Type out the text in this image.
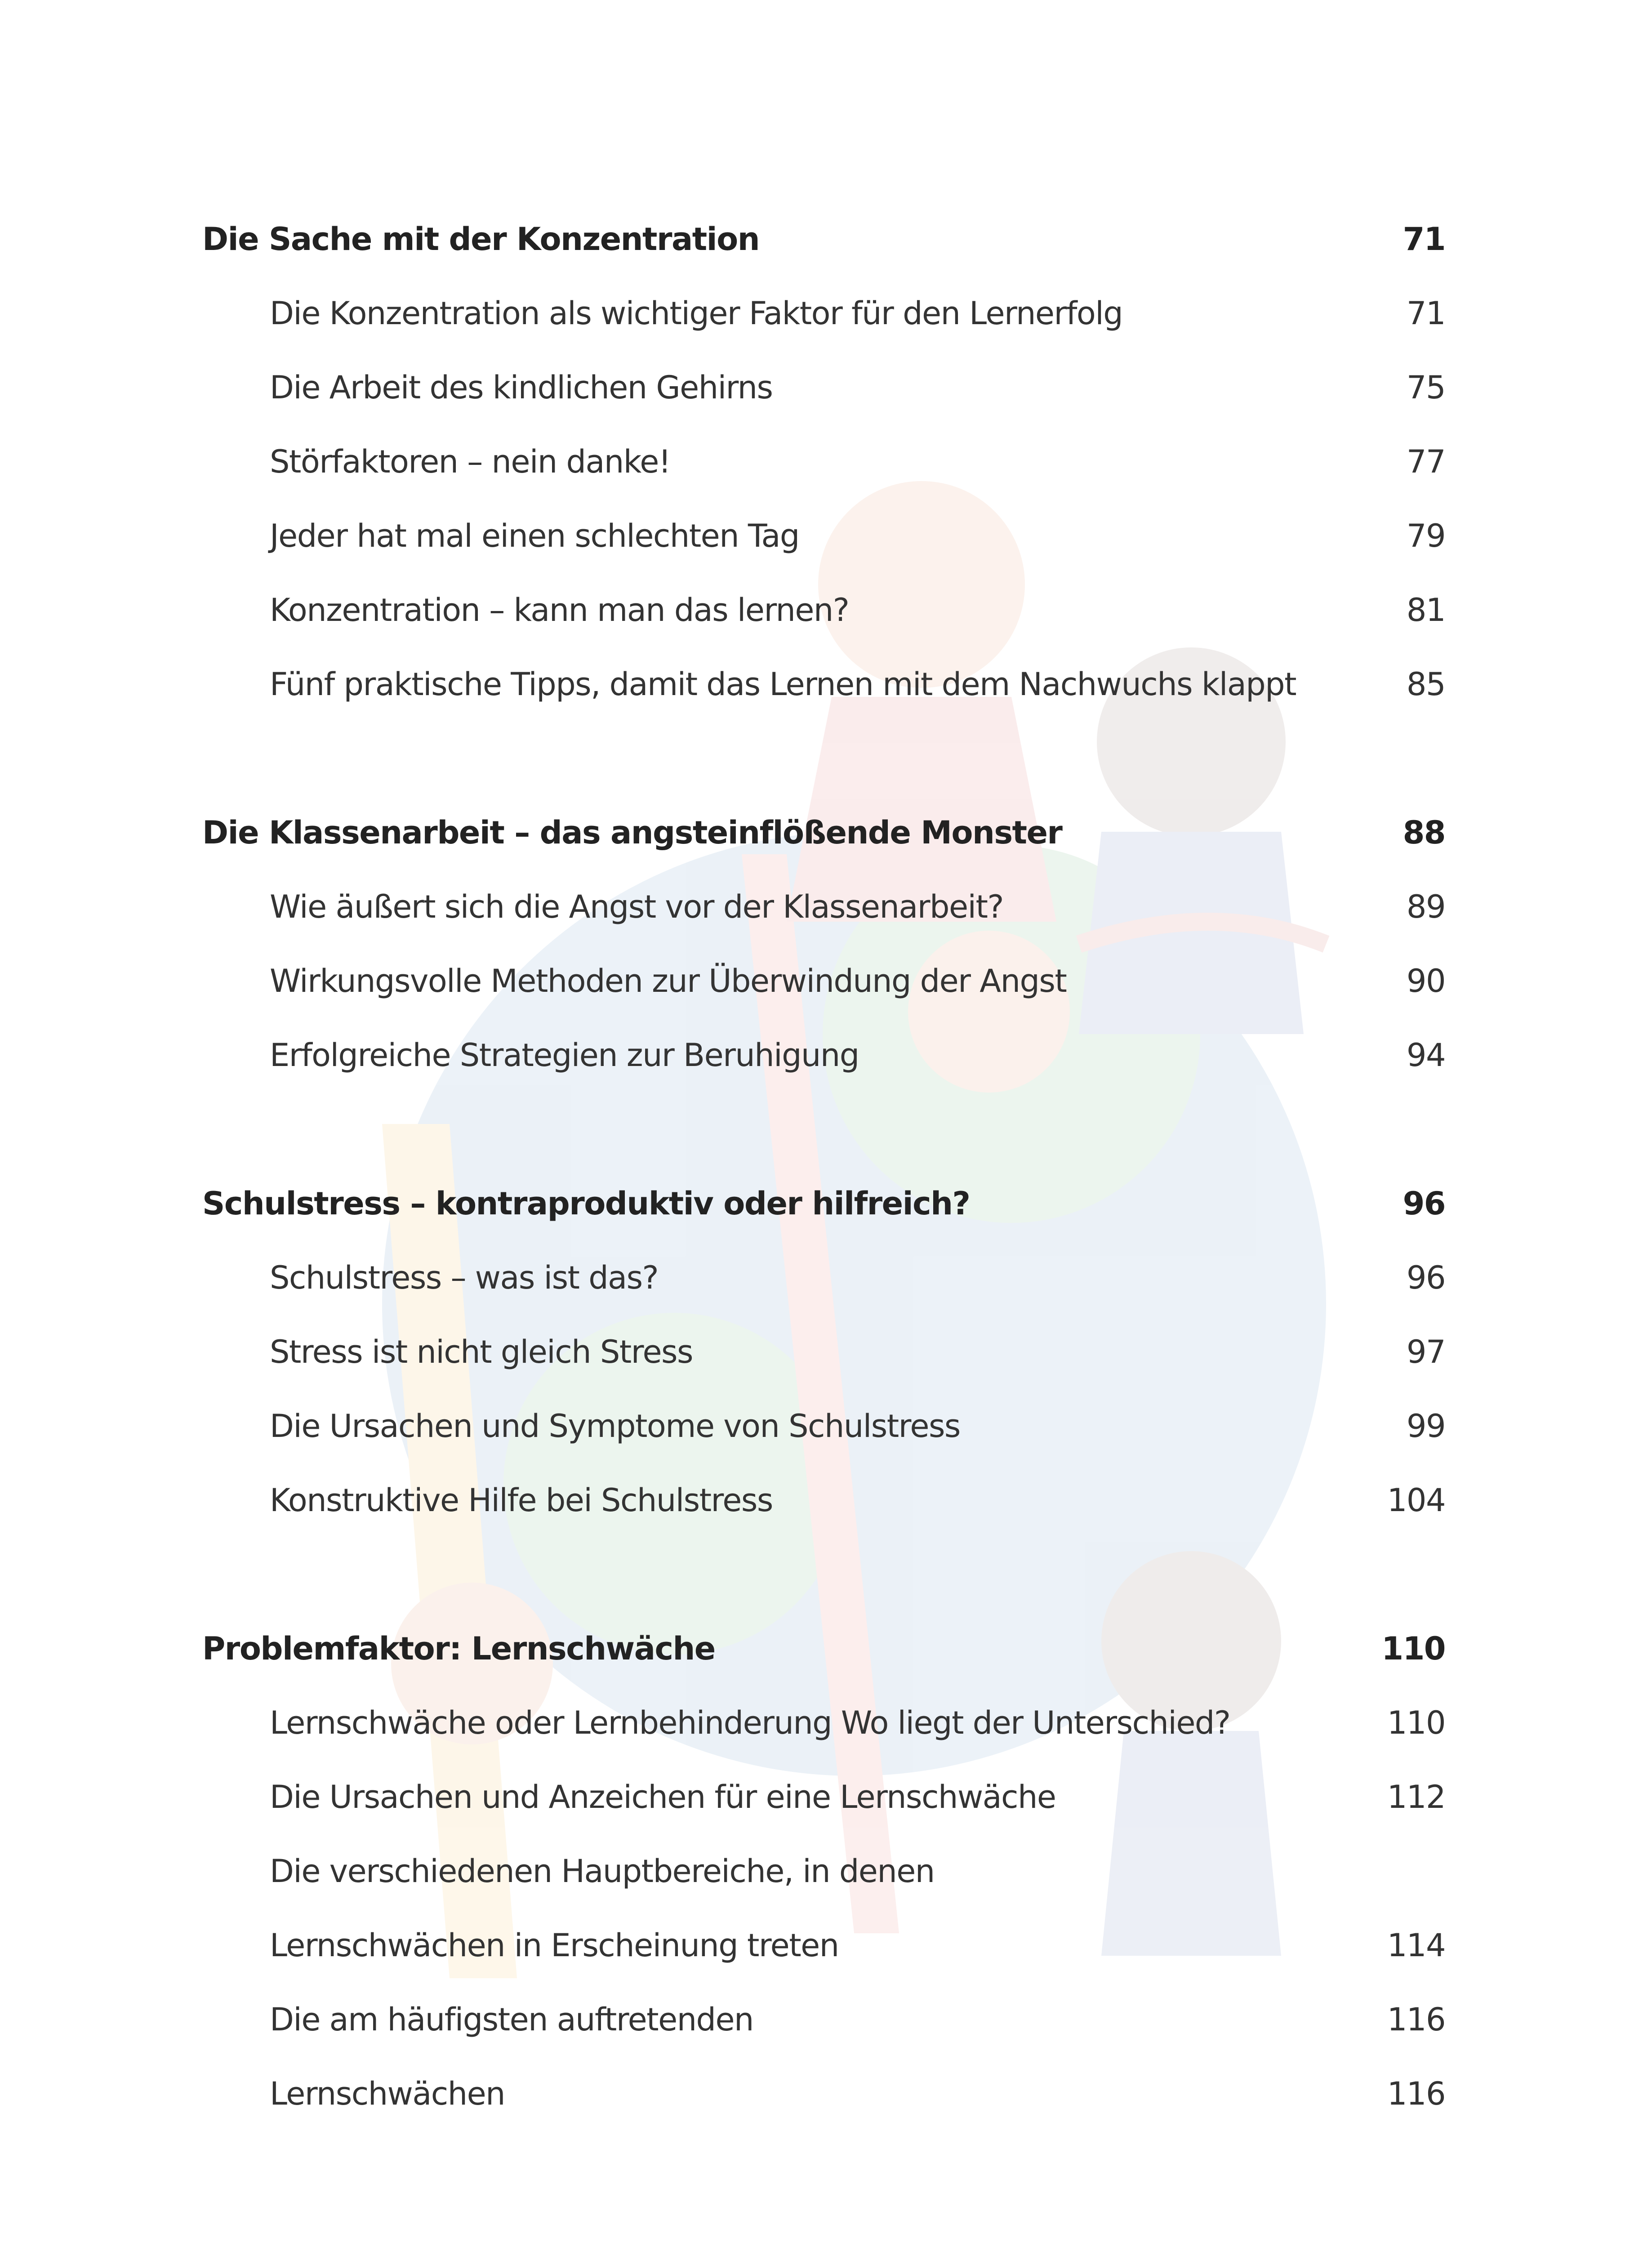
Die Sache mit der Konzentration	71
Die Konzentration als wichtiger Faktor für den Lernerfolg	71
Die Arbeit des kindlichen Gehirns	75
Störfaktoren – nein danke!	77
Jeder hat mal einen schlechten Tag	79
Konzentration – kann man das lernen?	81
Fünf praktische Tipps, damit das Lernen mit dem Nachwuchs klappt	85
Die Klassenarbeit – das angsteinflößende Monster	88
Wie äußert sich die Angst vor der Klassenarbeit?	89
Wirkungsvolle Methoden zur Überwindung der Angst	90
Erfolgreiche Strategien zur Beruhigung	94
Schulstress – kontraproduktiv oder hilfreich?	96
Schulstress – was ist das?	96
Stress ist nicht gleich Stress	97
Die Ursachen und Symptome von Schulstress	99
Konstruktive Hilfe bei Schulstress	104
Problemfaktor: Lernschwäche	110
Lernschwäche oder Lernbehinderung Wo liegt der Unterschied?	110
Die Ursachen und Anzeichen für eine Lernschwäche	112
Die verschiedenen Hauptbereiche, in denen
Lernschwächen in Erscheinung treten	114
Die am häufigsten auftretenden	116
Lernschwächen	116
